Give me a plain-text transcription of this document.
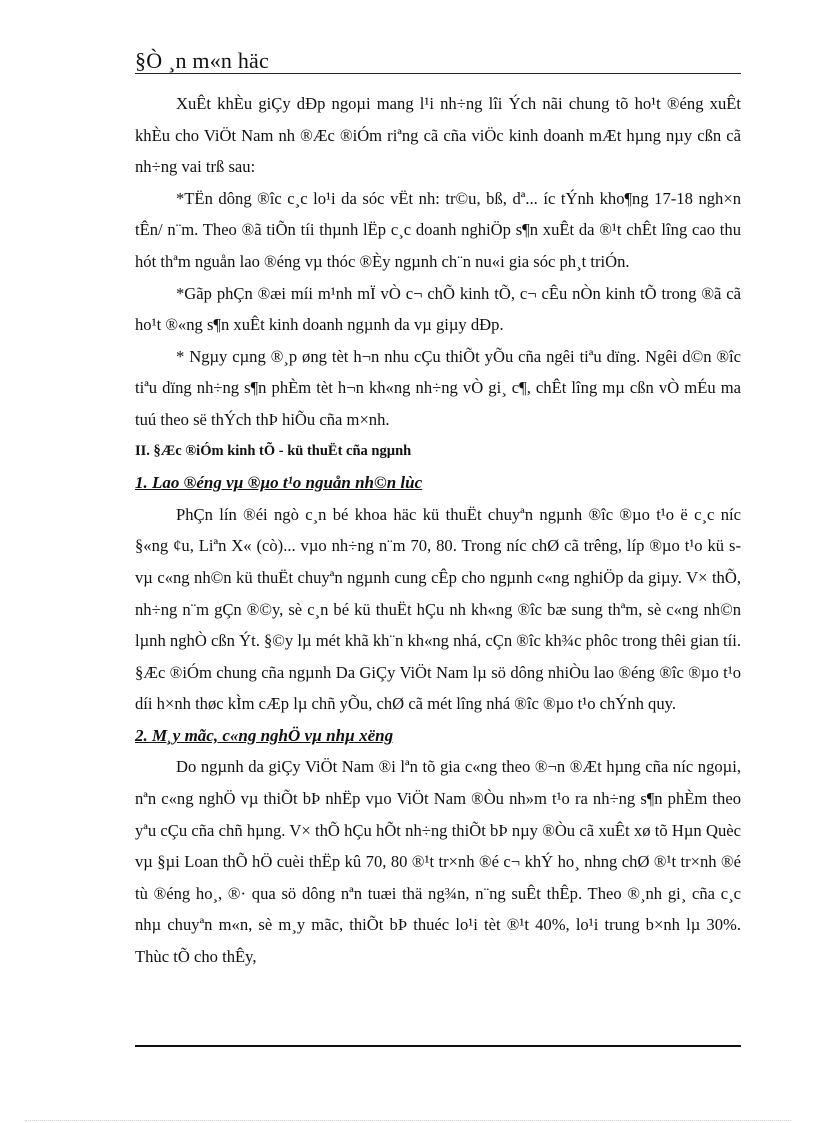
§Ò ¸n m«n häc

XuÊt khÈu giÇy dÐp ngoµi mang l¹i nh÷ng lîi Ých nãi chung tõ ho¹t ®éng xuÊt khÈu cho ViÖt Nam nh ®Æc ®iÓm riªng cã cña viÖc kinh doanh mÆt hµng nµy cßn cã nh÷ng vai trß sau:

*TËn dông ®îc c¸c lo¹i da sóc vËt nh: tr©u, bß, dª... íc tÝnh kho¶ng 17-18 ngh×n tÊn/ n¨m. Theo ®ã tiÕn tíi thµnh lËp c¸c doanh nghiÖp s¶n xuÊt da ®¹t chÊt lîng cao thu hót thªm nguån lao ®éng vµ thóc ®Èy ngµnh ch¨n nu«i gia sóc ph¸t triÓn.

*Gãp phÇn ®æi míi m¹nh mÏ vÒ c¬ chÕ kinh tÕ, c¬ cÊu nÒn kinh tÕ trong ®ã cã ho¹t ®«ng s¶n xuÊt kinh doanh ngµnh da vµ giµy dÐp.

* Ngµy cµng ®¸p øng tèt h¬n nhu cÇu thiÕt yÕu cña ngêi tiªu dïng. Ngêi d©n ®îc tiªu dïng nh÷ng s¶n phÈm tèt h¬n kh«ng nh÷ng vÒ gi¸ c¶, chÊt lîng mµ cßn vÒ mÉu ma tuú theo së thÝch thÞ hiÕu cña m×nh.

II. §Æc ®iÓm kinh tÕ - kü thuËt cña ngµnh

1. Lao ®éng vµ ®µo t¹o nguån nh©n lùc

PhÇn lín ®éi ngò c¸n bé khoa häc kü thuËt chuyªn ngµnh ®îc ®µo t¹o ë c¸c níc §«ng ¢u, Liªn X« (cò)... vµo nh÷ng n¨m 70, 80. Trong níc chØ cã trêng, líp ®µo t¹o kü s vµ c«ng nh©n kü thuËt chuyªn ngµnh cung cÊp cho ngµnh c«ng nghiÖp da giµy. V× thÕ, nh÷ng n¨m gÇn ®©y, sè c¸n bé kü thuËt hÇu nh kh«ng ®îc bæ sung thªm, sè c«ng nh©n lµnh nghÒ cßn Ýt. §©y lµ mét khã kh¨n kh«ng nhá, cÇn ®îc kh¾c phôc trong thêi gian tíi. §Æc ®iÓm chung cña ngµnh Da GiÇy ViÖt Nam lµ sö dông nhiÒu lao ®éng ®îc ®µo t¹o díi h×nh thøc kÌm cÆp lµ chñ yÕu, chØ cã mét lîng nhá ®îc ®µo t¹o chÝnh quy.

2. M¸y mãc, c«ng nghÖ vµ nhµ xëng

Do ngµnh da giÇy ViÖt Nam ®i lªn tõ gia c«ng theo ®¬n ®Æt hµng cña níc ngoµi, nªn c«ng nghÖ vµ thiÕt bÞ nhËp vµo ViÖt Nam ®Òu nh»m t¹o ra nh÷ng s¶n phÈm theo yªu cÇu cña chñ hµng. V× thÕ hÇu hÕt nh÷ng thiÕt bÞ nµy ®Òu cã xuÊt xø tõ Hµn Quèc vµ §µi Loan thÕ hÖ cuèi thËp kû 70, 80 ®¹t tr×nh ®é c¬ khÝ ho¸ nhng chØ ®¹t tr×nh ®é tù ®éng ho¸, ®· qua sö dông nªn tuæi thä ng¾n, n¨ng suÊt thÊp. Theo ®¸nh gi¸ cña c¸c nhµ chuyªn m«n, sè m¸y mãc, thiÕt bÞ thuéc lo¹i tèt ®¹t 40%, lo¹i trung b×nh lµ 30%. Thùc tÕ cho thÊy,
